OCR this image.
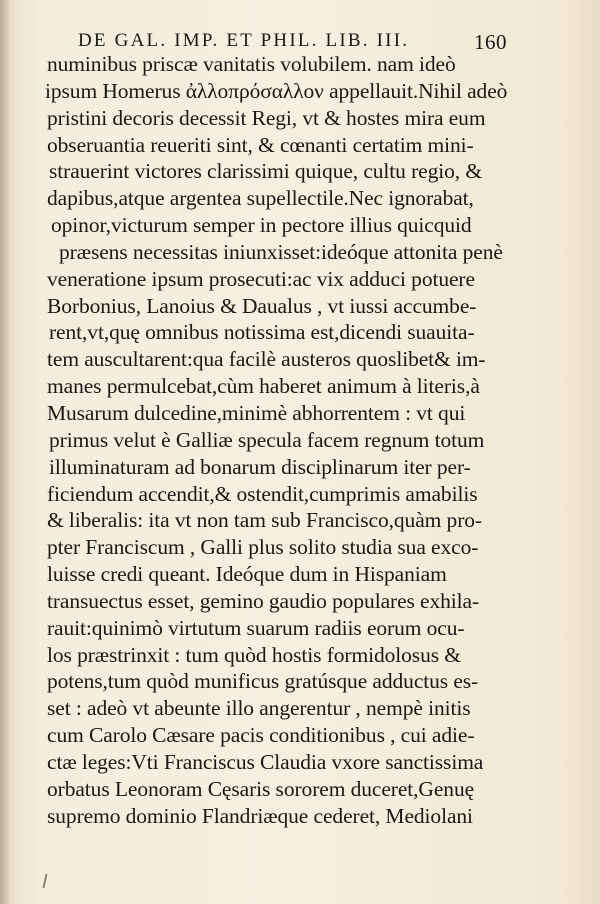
DE GAL. IMP. ET PHIL. LIB. III.	160
numinibus priscæ vanitatis volubilem. nam ideò
ipsum Homerus ἀλλοπρόσαλλον appellauit.Nihil adeò
pristini decoris decessit Regi, vt & hostes mira eum
obseruantia reueriti sint, & cœnanti certatim mini-
strauerint victores clarissimi quique, cultu regio, &
dapibus,atque argentea supellectile.Nec ignorabat,
opinor,victurum semper in pectore illius quicquid
præsens necessitas iniunxisset:ideóque attonita penè
veneratione ipsum prosecuti:ac vix adduci potuere
Borbonius, Lanoius & Daualus , vt iussi accumbe-
rent,vt,quę omnibus notissima est,dicendi suauita-
tem auscultarent:qua facilè austeros quoslibet& im-
manes permulcebat,cùm haberet animum à literis,à
Musarum dulcedine,minimè abhorrentem : vt qui
primus velut è Galliæ specula facem regnum totum
illuminaturam ad bonarum disciplinarum iter per-
ficiendum accendit,& ostendit,cumprimis amabilis
& liberalis: ita vt non tam sub Francisco,quàm pro-
pter Franciscum , Galli plus solito studia sua exco-
luisse credi queant. Ideóque dum in Hispaniam
transuectus esset, gemino gaudio populares exhila-
rauit:quinimò virtutum suarum radiis eorum ocu-
los præstrinxit : tum quòd hostis formidolosus &
potens,tum quòd munificus gratúsque adductus es-
set : adeò vt abeunte illo angerentur , nempè initis
cum Carolo Cæsare pacis conditionibus , cui adie-
ctæ leges:Vti Franciscus Claudia vxore sanctissima
orbatus Leonoram Cęsaris sororem duceret,Genuę
supremo dominio Flandriæque cederet, Mediolani
